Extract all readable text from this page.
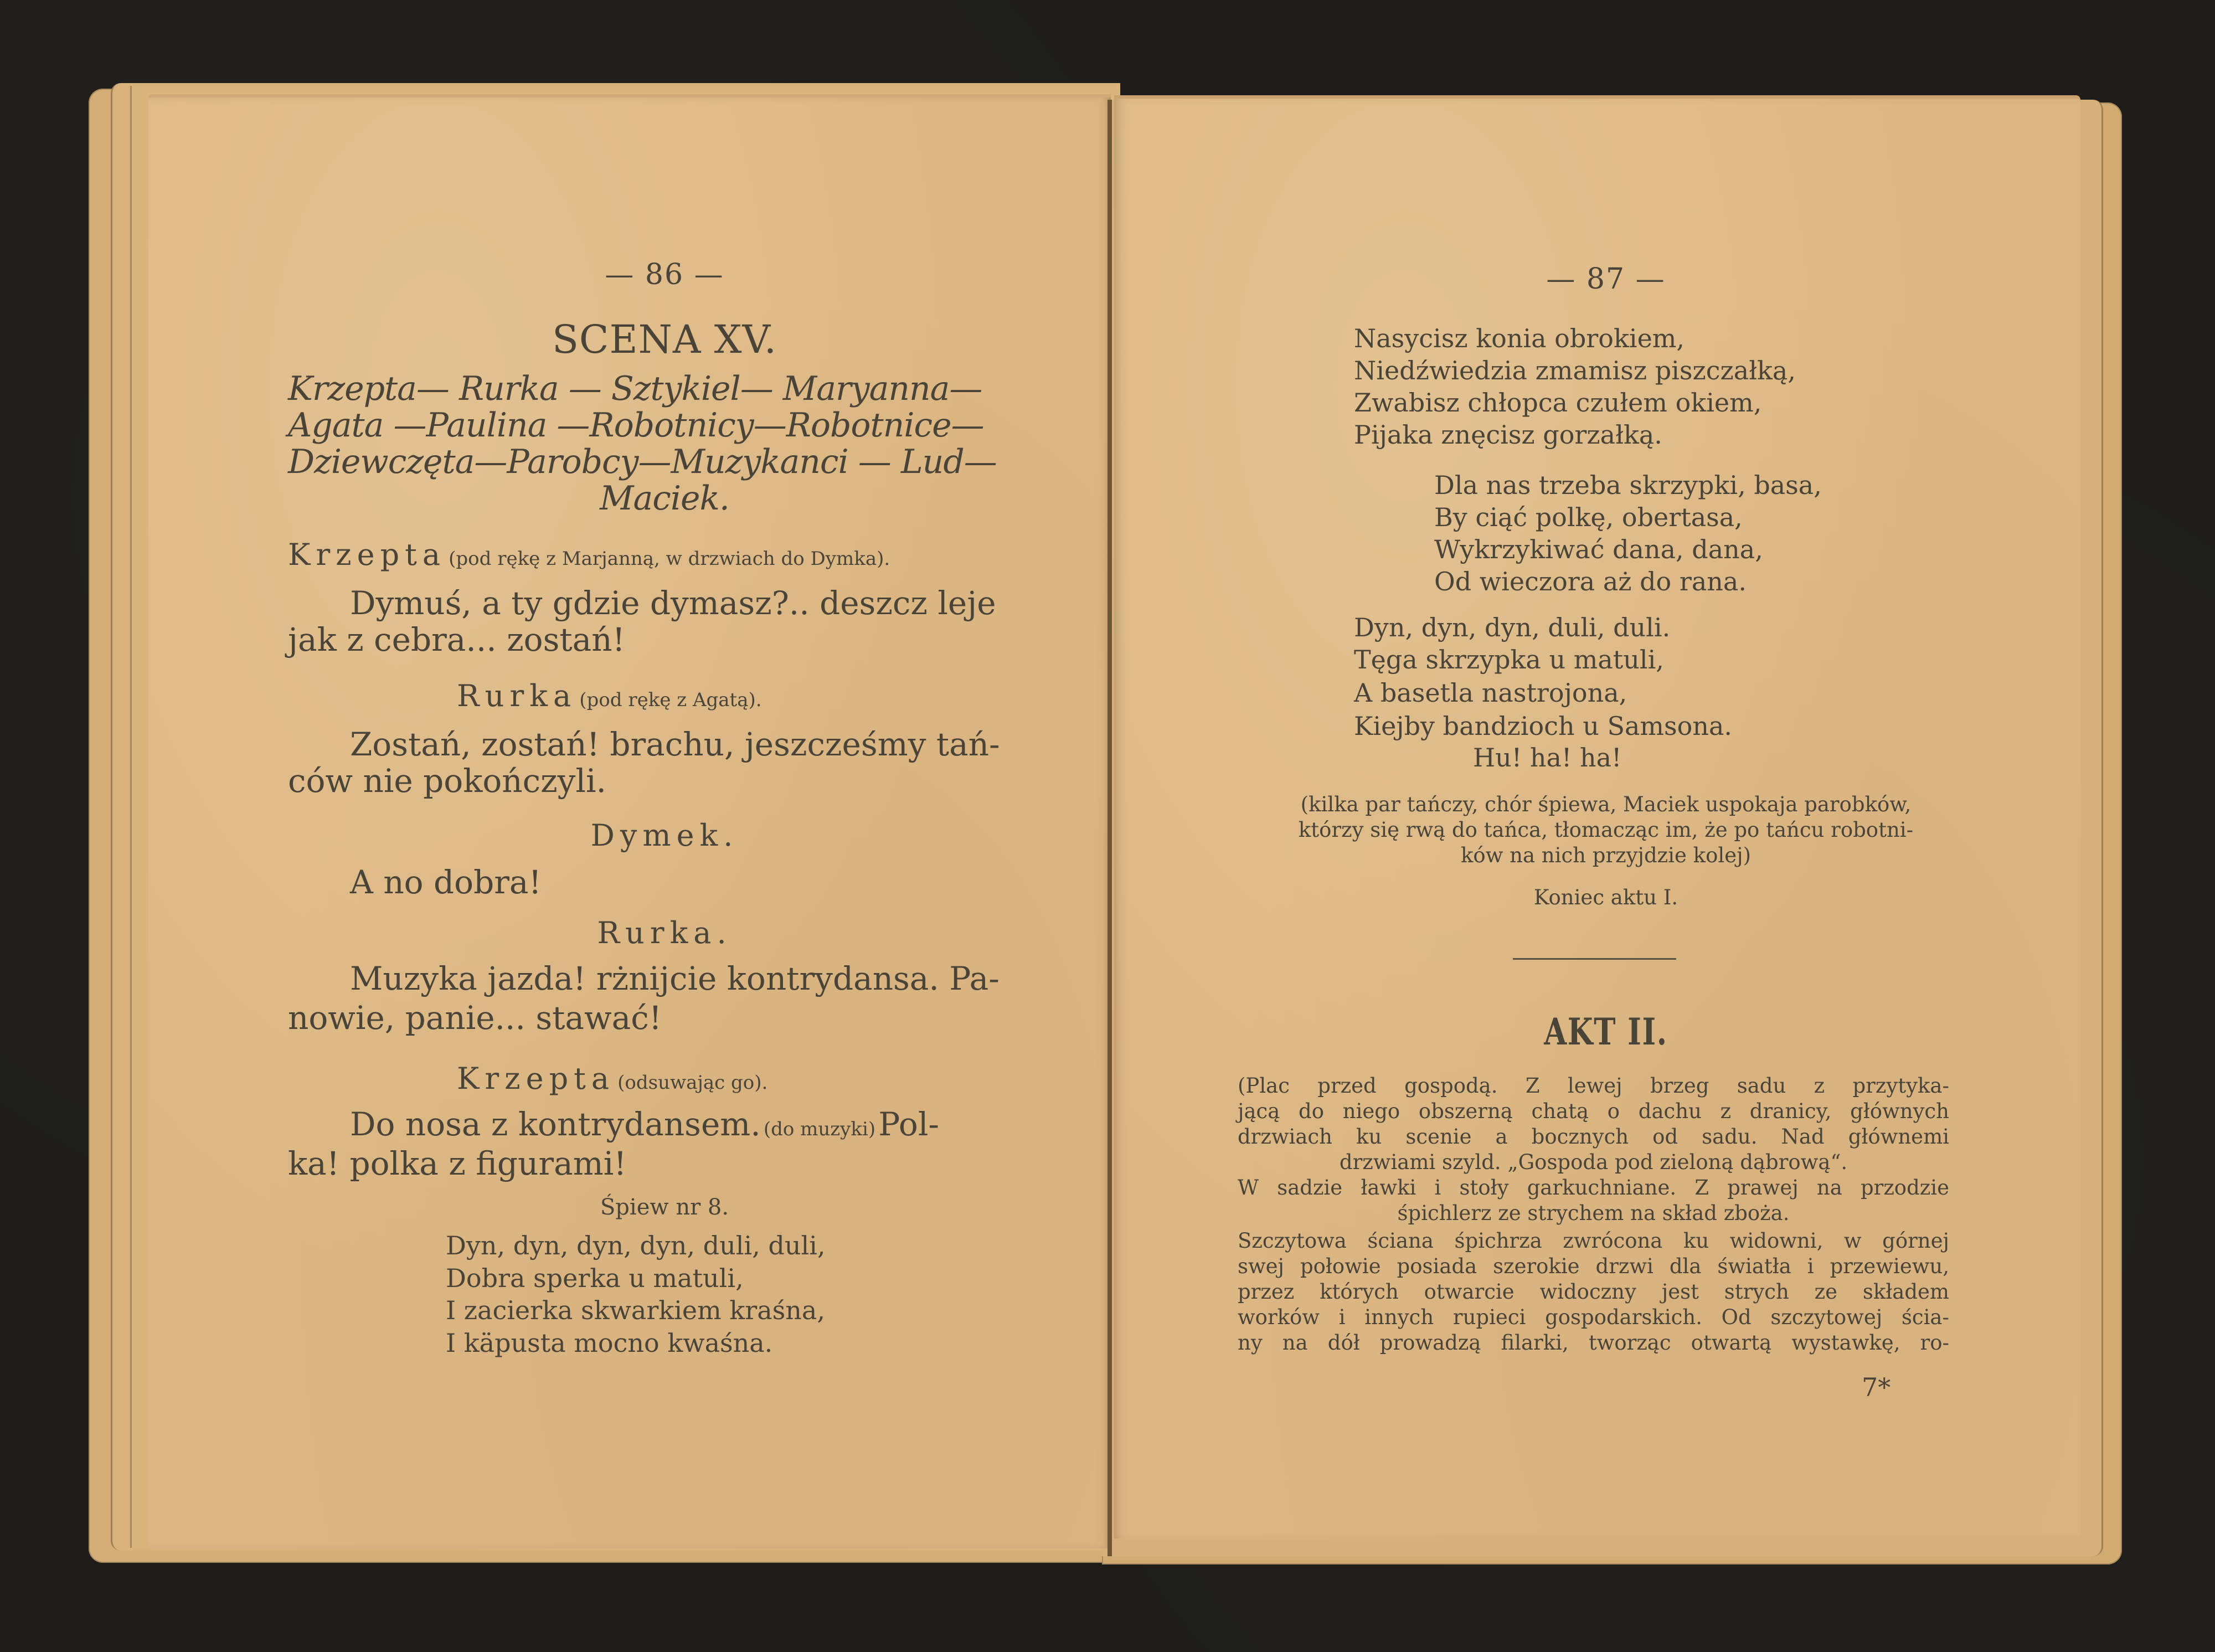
— 86 —
SCENA XV.
Krzepta— Rurka — Sztykiel— Maryanna—
Agata —Paulina —Robotnicy—Robotnice—
Dziewczęta—Parobcy—Muzykanci — Lud—
Maciek.
Krzepta (pod rękę z Marjanną, w drzwiach do Dymka).
Dymuś, a ty gdzie dymasz?.. deszcz leje
jak z cebra... zostań!
Rurka (pod rękę z Agatą).
Zostań, zostań! brachu, jeszcześmy tań-
ców nie pokończyli.
Dymek.
A no dobra!
Rurka.
Muzyka jazda! rżnijcie kontrydansa. Pa-
nowie, panie... stawać!
Krzepta (odsuwając go).
Do nosa z kontrydansem. (do muzyki) Pol-
ka! polka z figurami!
Śpiew nr 8.
Dyn, dyn, dyn, dyn, duli, duli,
Dobra sperka u matuli,
I zacierka skwarkiem kraśna,
I käpusta mocno kwaśna.
— 87 —
Nasycisz konia obrokiem,
Niedźwiedzia zmamisz piszczałką,
Zwabisz chłopca czułem okiem,
Pijaka znęcisz gorzałką.
Dla nas trzeba skrzypki, basa,
By ciąć polkę, obertasa,
Wykrzykiwać dana, dana,
Od wieczora aż do rana.
Dyn, dyn, dyn, duli, duli.
Tęga skrzypka u matuli,
A basetla nastrojona,
Kiejby bandzioch u Samsona.
Hu! ha! ha!
(kilka par tańczy, chór śpiewa, Maciek uspokaja parobków,
którzy się rwą do tańca, tłomacząc im, że po tańcu robotni-
ków na nich przyjdzie kolej)
Koniec aktu I.
AKT II.
(Plac przed gospodą. Z lewej brzeg sadu z przytyka-
jącą do niego obszerną chatą o dachu z dranicy, głównych
drzwiach ku scenie a bocznych od sadu. Nad głównemi
drzwiami szyld. „Gospoda pod zieloną dąbrową“.
W sadzie ławki i stoły garkuchniane. Z prawej na przodzie
śpichlerz ze strychem na skład zboża.
Szczytowa ściana śpichrza zwrócona ku widowni, w górnej
swej połowie posiada szerokie drzwi dla światła i przewiewu,
przez których otwarcie widoczny jest strych ze składem
worków i innych rupieci gospodarskich. Od szczytowej ścia-
ny na dół prowadzą filarki, tworząc otwartą wystawkę, ro-
7*
